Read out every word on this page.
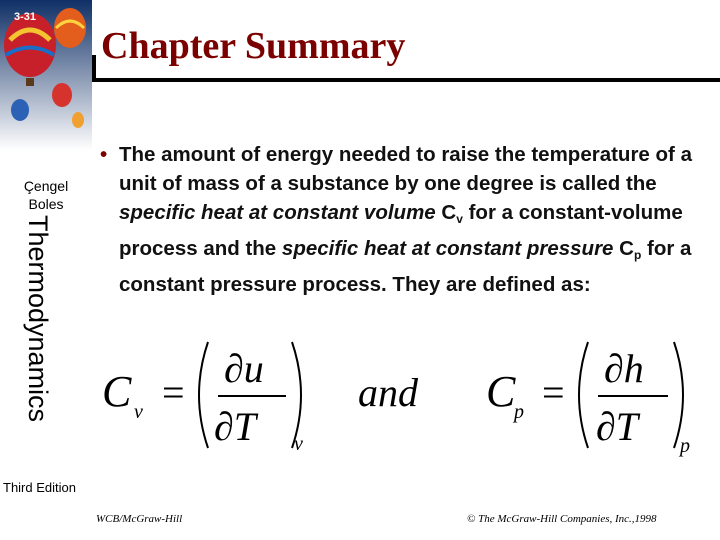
3-31
Çengel
Boles
Thermodynamics
Third Edition
Chapter Summary
• The amount of energy needed to raise the temperature of a unit of mass of a substance by one degree is called the specific heat at constant volume $C_v$ for a constant-volume process and the specific heat at constant pressure $C_p$ for a constant pressure process. They are defined as:
C v =
∂u
∂T v
and C
p =
∂h
∂T p
WCB/McGraw-Hill	© The McGraw-Hill Companies, Inc.,1998
